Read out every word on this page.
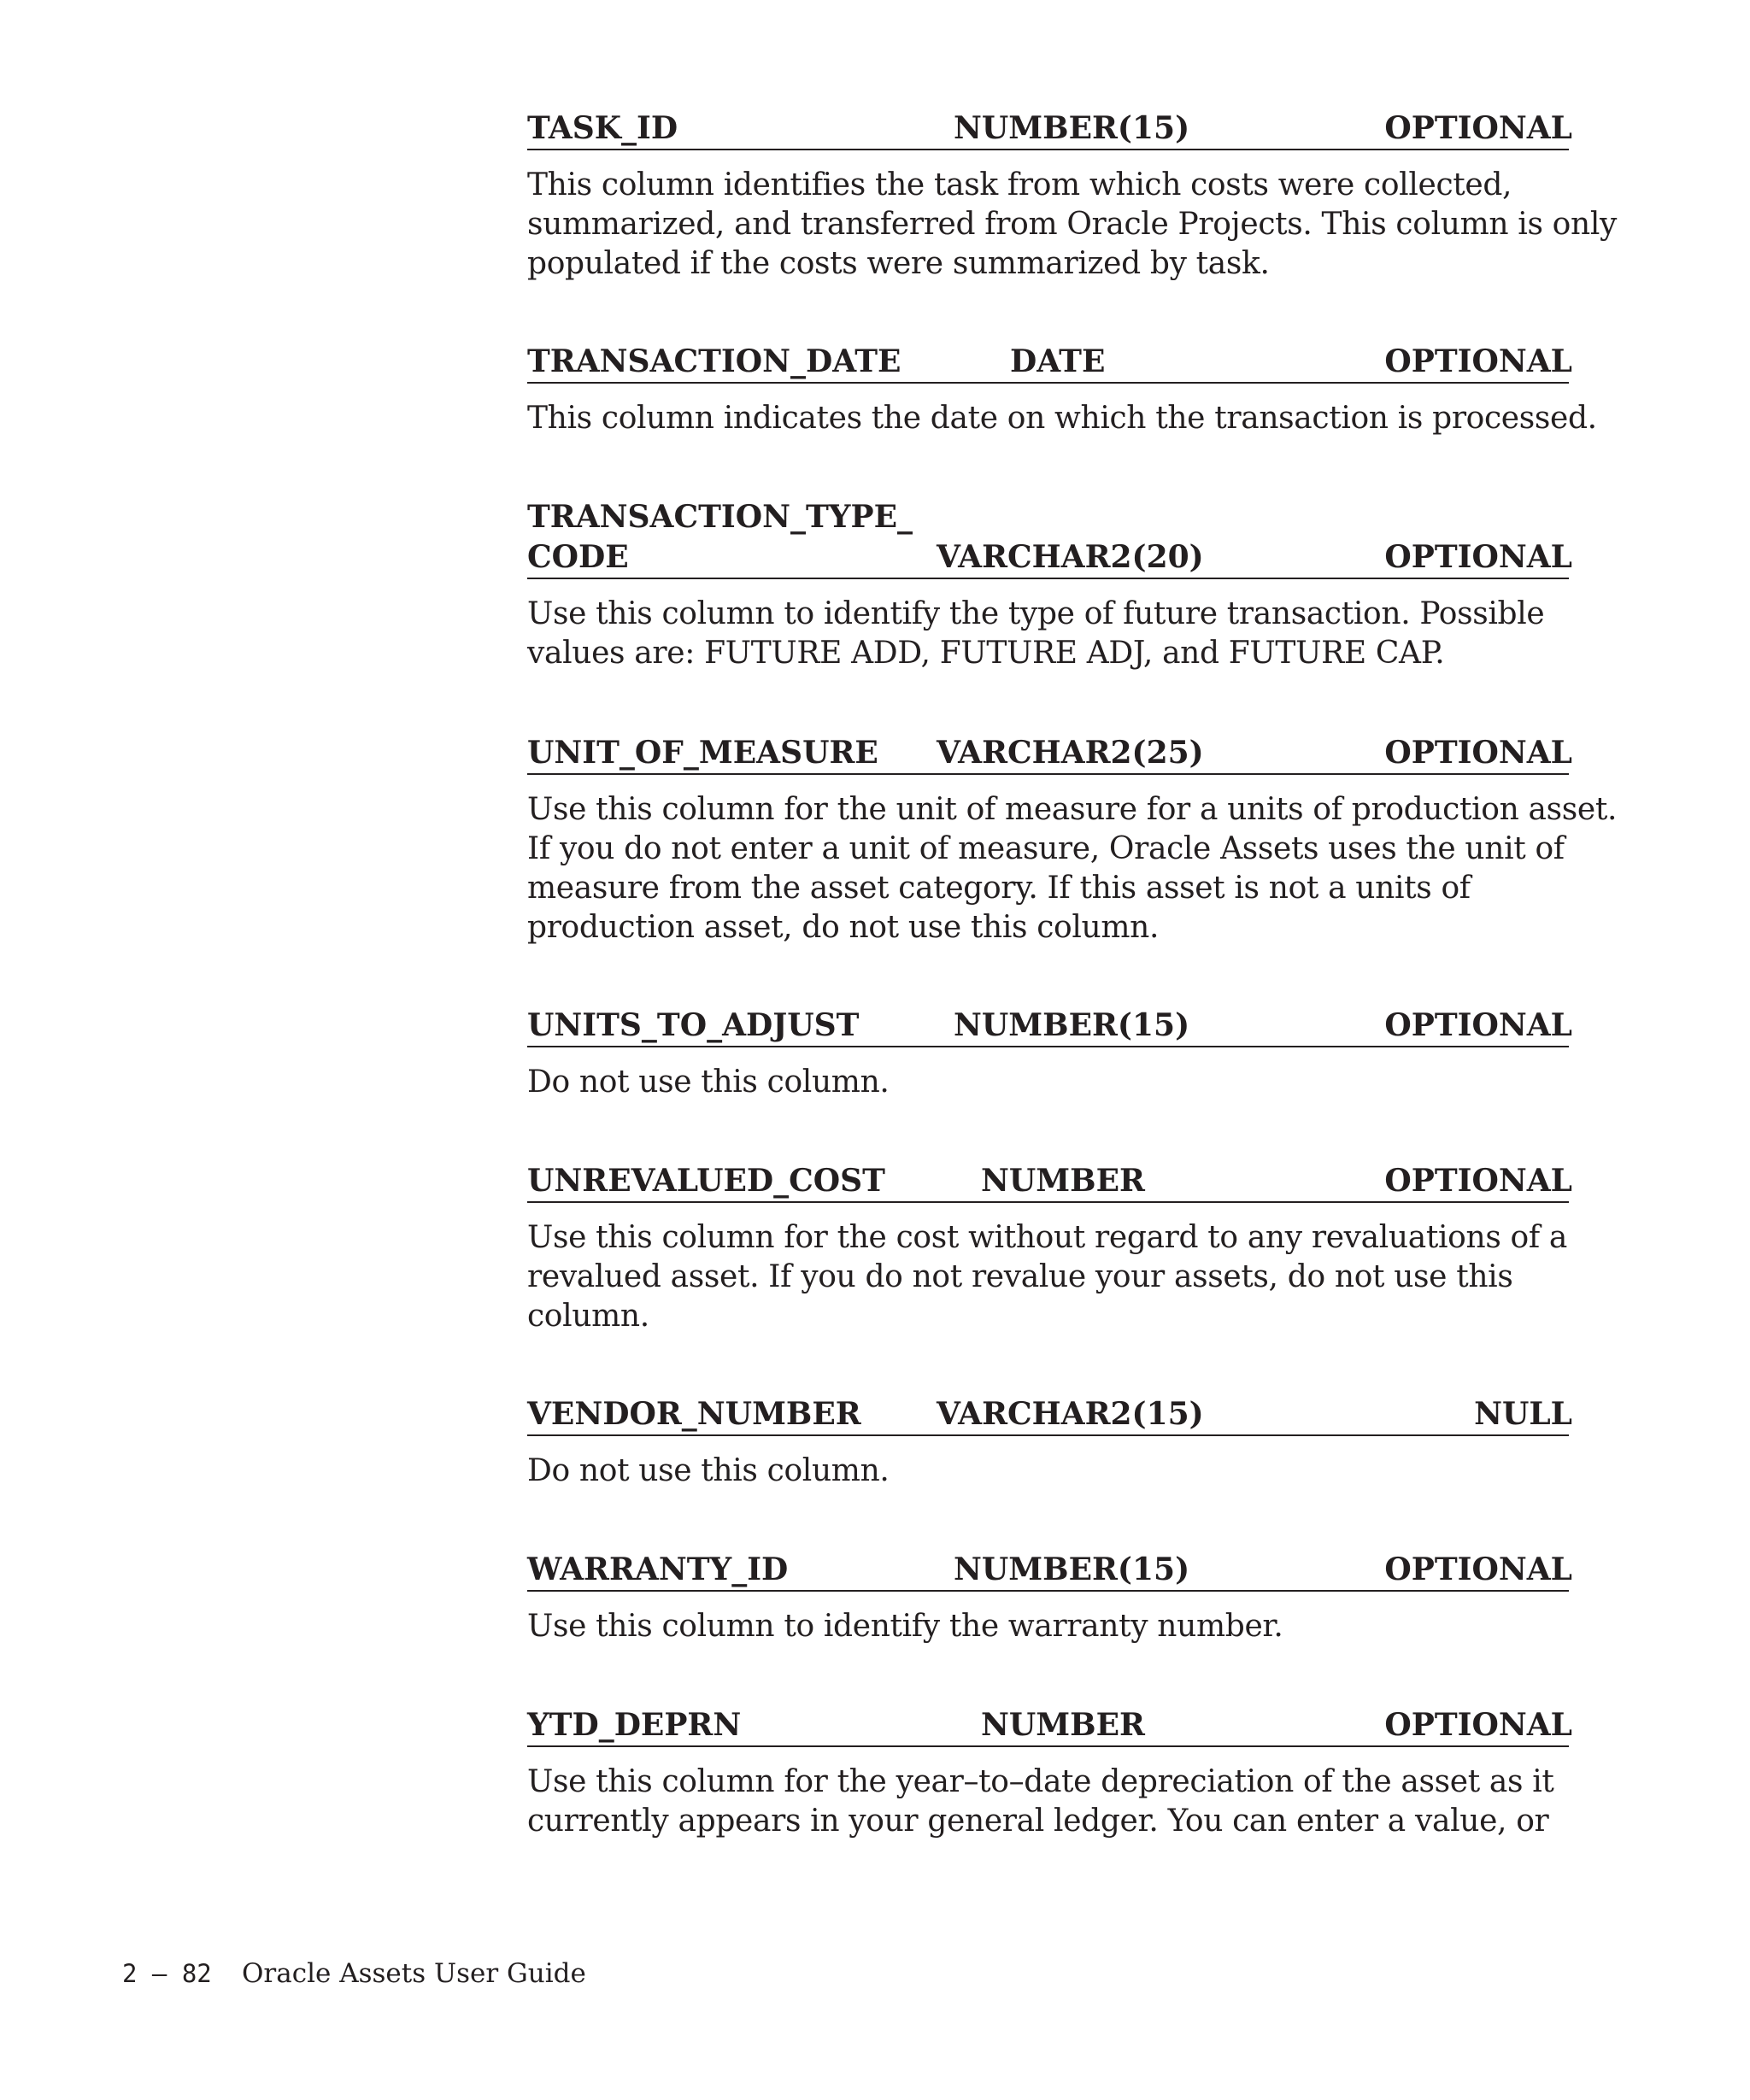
TASK_ID	NUMBER(15)	OPTIONAL
This column identifies the task from which costs were collected,
summarized, and transferred from Oracle Projects. This column is only
populated if the costs were summarized by task.
TRANSACTION_DATE	DATE	OPTIONAL
This column indicates the date on which the transaction is processed.
TRANSACTION_TYPE_
CODE	VARCHAR2(20)	OPTIONAL
Use this column to identify the type of future transaction. Possible
values are: FUTURE ADD, FUTURE ADJ, and FUTURE CAP.
UNIT_OF_MEASURE VARCHAR2(25)	OPTIONAL
Use this column for the unit of measure for a units of production asset.
If you do not enter a unit of measure, Oracle Assets uses the unit of
measure from the asset category. If this asset is not a units of
production asset, do not use this column.
UNITS_TO_ADJUST	NUMBER(15)	OPTIONAL
Do not use this column.
UNREVALUED_COST	NUMBER	OPTIONAL
Use this column for the cost without regard to any revaluations of a
revalued asset. If you do not revalue your assets, do not use this
column.
VENDOR_NUMBER VARCHAR2(15)	NULL
Do not use this column.
WARRANTY_ID	NUMBER(15)	OPTIONAL
Use this column to identify the warranty number.
YTD_DEPRN	NUMBER	OPTIONAL
Use this column for the year–to–date depreciation of the asset as it
currently appears in your general ledger. You can enter a value, or
2 – 82 Oracle Assets User Guide
